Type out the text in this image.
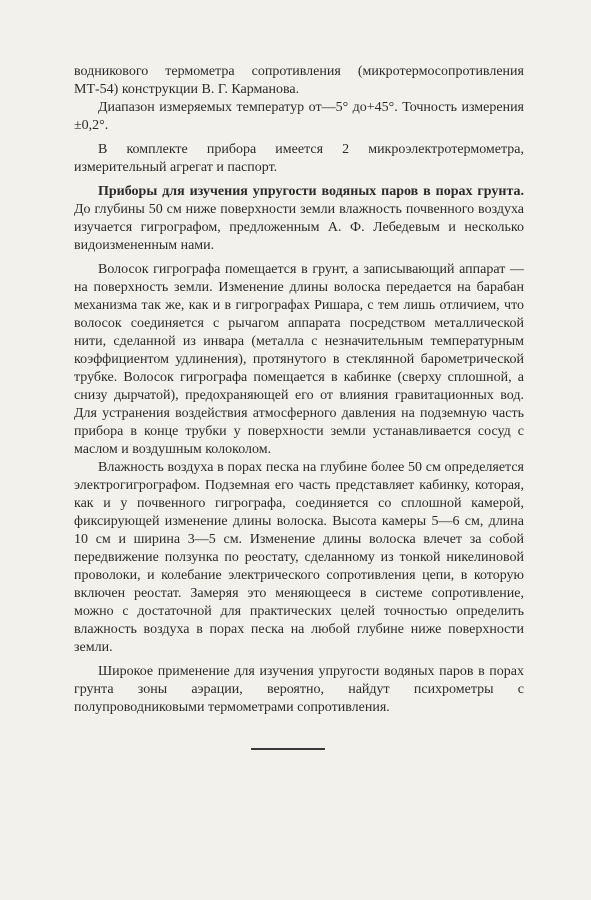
водникового термометра сопротивления (микротермосопротивления МТ-54) конструкции В. Г. Карманова.

Диапазон измеряемых температур от—5° до+45°. Точность измерения ±0,2°.

В комплекте прибора имеется 2 микроэлектротермометра, измерительный агрегат и паспорт.

Приборы для изучения упругости водяных паров в порах грунта. До глубины 50 см ниже поверхности земли влажность почвенного воздуха изучается гигрографом, предложенным А. Ф. Лебедевым и несколько видоизмененным нами.

Волосок гигрографа помещается в грунт, а записывающий аппарат — на поверхность земли. Изменение длины волоска передается на барабан механизма так же, как и в гигрографах Ришара, с тем лишь отличием, что волосок соединяется с рычагом аппарата посредством металлической нити, сделанной из инвара (металла с незначительным температурным коэффициентом удлинения), протянутого в стеклянной барометрической трубке. Волосок гигрографа помещается в кабинке (сверху сплошной, а снизу дырчатой), предохраняющей его от влияния гравитационных вод. Для устранения воздействия атмосферного давления на подземную часть прибора в конце трубки у поверхности земли устанавливается сосуд с маслом и воздушным колоколом.

Влажность воздуха в порах песка на глубине более 50 см определяется электрогигрографом. Подземная его часть представляет кабинку, которая, как и у почвенного гигрографа, соединяется со сплошной камерой, фиксирующей изменение длины волоска. Высота камеры 5—6 см, длина 10 см и ширина 3—5 см. Изменение длины волоска влечет за собой передвижение ползунка по реостату, сделанному из тонкой никелиновой проволоки, и колебание электрического сопротивления цепи, в которую включен реостат. Замеряя это меняющееся в системе сопротивление, можно с достаточной для практических целей точностью определить влажность воздуха в порах песка на любой глубине ниже поверхности земли.

Широкое применение для изучения упругости водяных паров в порах грунта зоны аэрации, вероятно, найдут психрометры с полупроводниковыми термометрами сопротивления.
